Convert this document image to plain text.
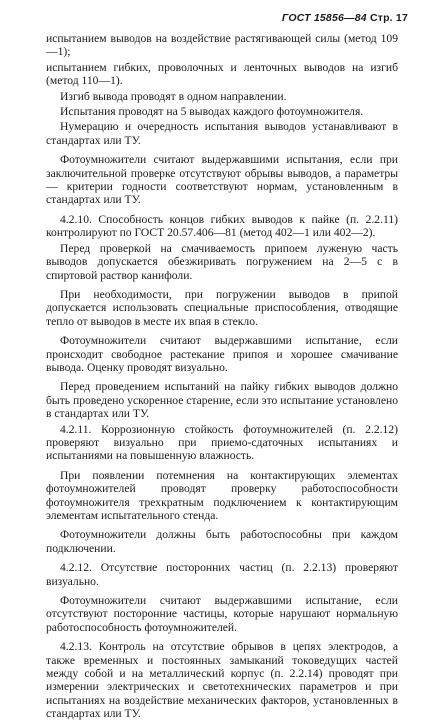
ГОСТ 15856—84 Стр. 17

испытанием выводов на воздействие растягивающей силы (метод 109—1);

испытанием гибких, проволочных и ленточных выводов на изгиб (метод 110—1).

Изгиб вывода проводят в одном направлении.

Испытания проводят на 5 выводах каждого фотоумножителя.

Нумерацию и очередность испытания выводов устанавливают в стандартах или ТУ.

Фотоумножители считают выдержавшими испытания, если при заключительной проверке отсутствуют обрывы выводов, а параметры — критерии годности соответствуют нормам, установленным в стандартах или ТУ.

4.2.10. Способность концов гибких выводов к пайке (п. 2.2.11) контролируют по ГОСТ 20.57.406—81 (метод 402—1 или 402—2).

Перед проверкой на смачиваемость припоем луженую часть выводов допускается обезжиривать погружением на 2—5 с в спиртовой раствор канифоли.

При необходимости, при погружении выводов в припой допускается использовать специальные приспособления, отводящие тепло от выводов в месте их впая в стекло.

Фотоумножители считают выдержавшими испытание, если происходит свободное растекание припоя и хорошее смачивание вывода. Оценку проводят визуально.

Перед проведением испытаний на пайку гибких выводов должно быть проведено ускоренное старение, если это испытание установлено в стандартах или ТУ.

4.2.11. Коррозионную стойкость фотоумножителей (п. 2.2.12) проверяют визуально при приемо-сдаточных испытаниях и испытаниями на повышенную влажность.

При появлении потемнения на контактирующих элементах фотоумножителей проводят проверку работоспособности фотоумножителя трехкратным подключением к контактирующим элементам испытательного стенда.

Фотоумножители должны быть работоспособны при каждом подключении.

4.2.12. Отсутствие посторонних частиц (п. 2.2.13) проверяют визуально.

Фотоумножители считают выдержавшими испытание, если отсутствуют посторонние частицы, которые нарушают нормальную работоспособность фотоумножителей.

4.2.13. Контроль на отсутствие обрывов в цепях электродов, а также временных и постоянных замыканий токоведущих частей между собой и на металлический корпус (п. 2.2.14) проводят при измерении электрических и светотехнических параметров и при испытаниях на воздействие механических факторов, установленных в стандартах или ТУ.
